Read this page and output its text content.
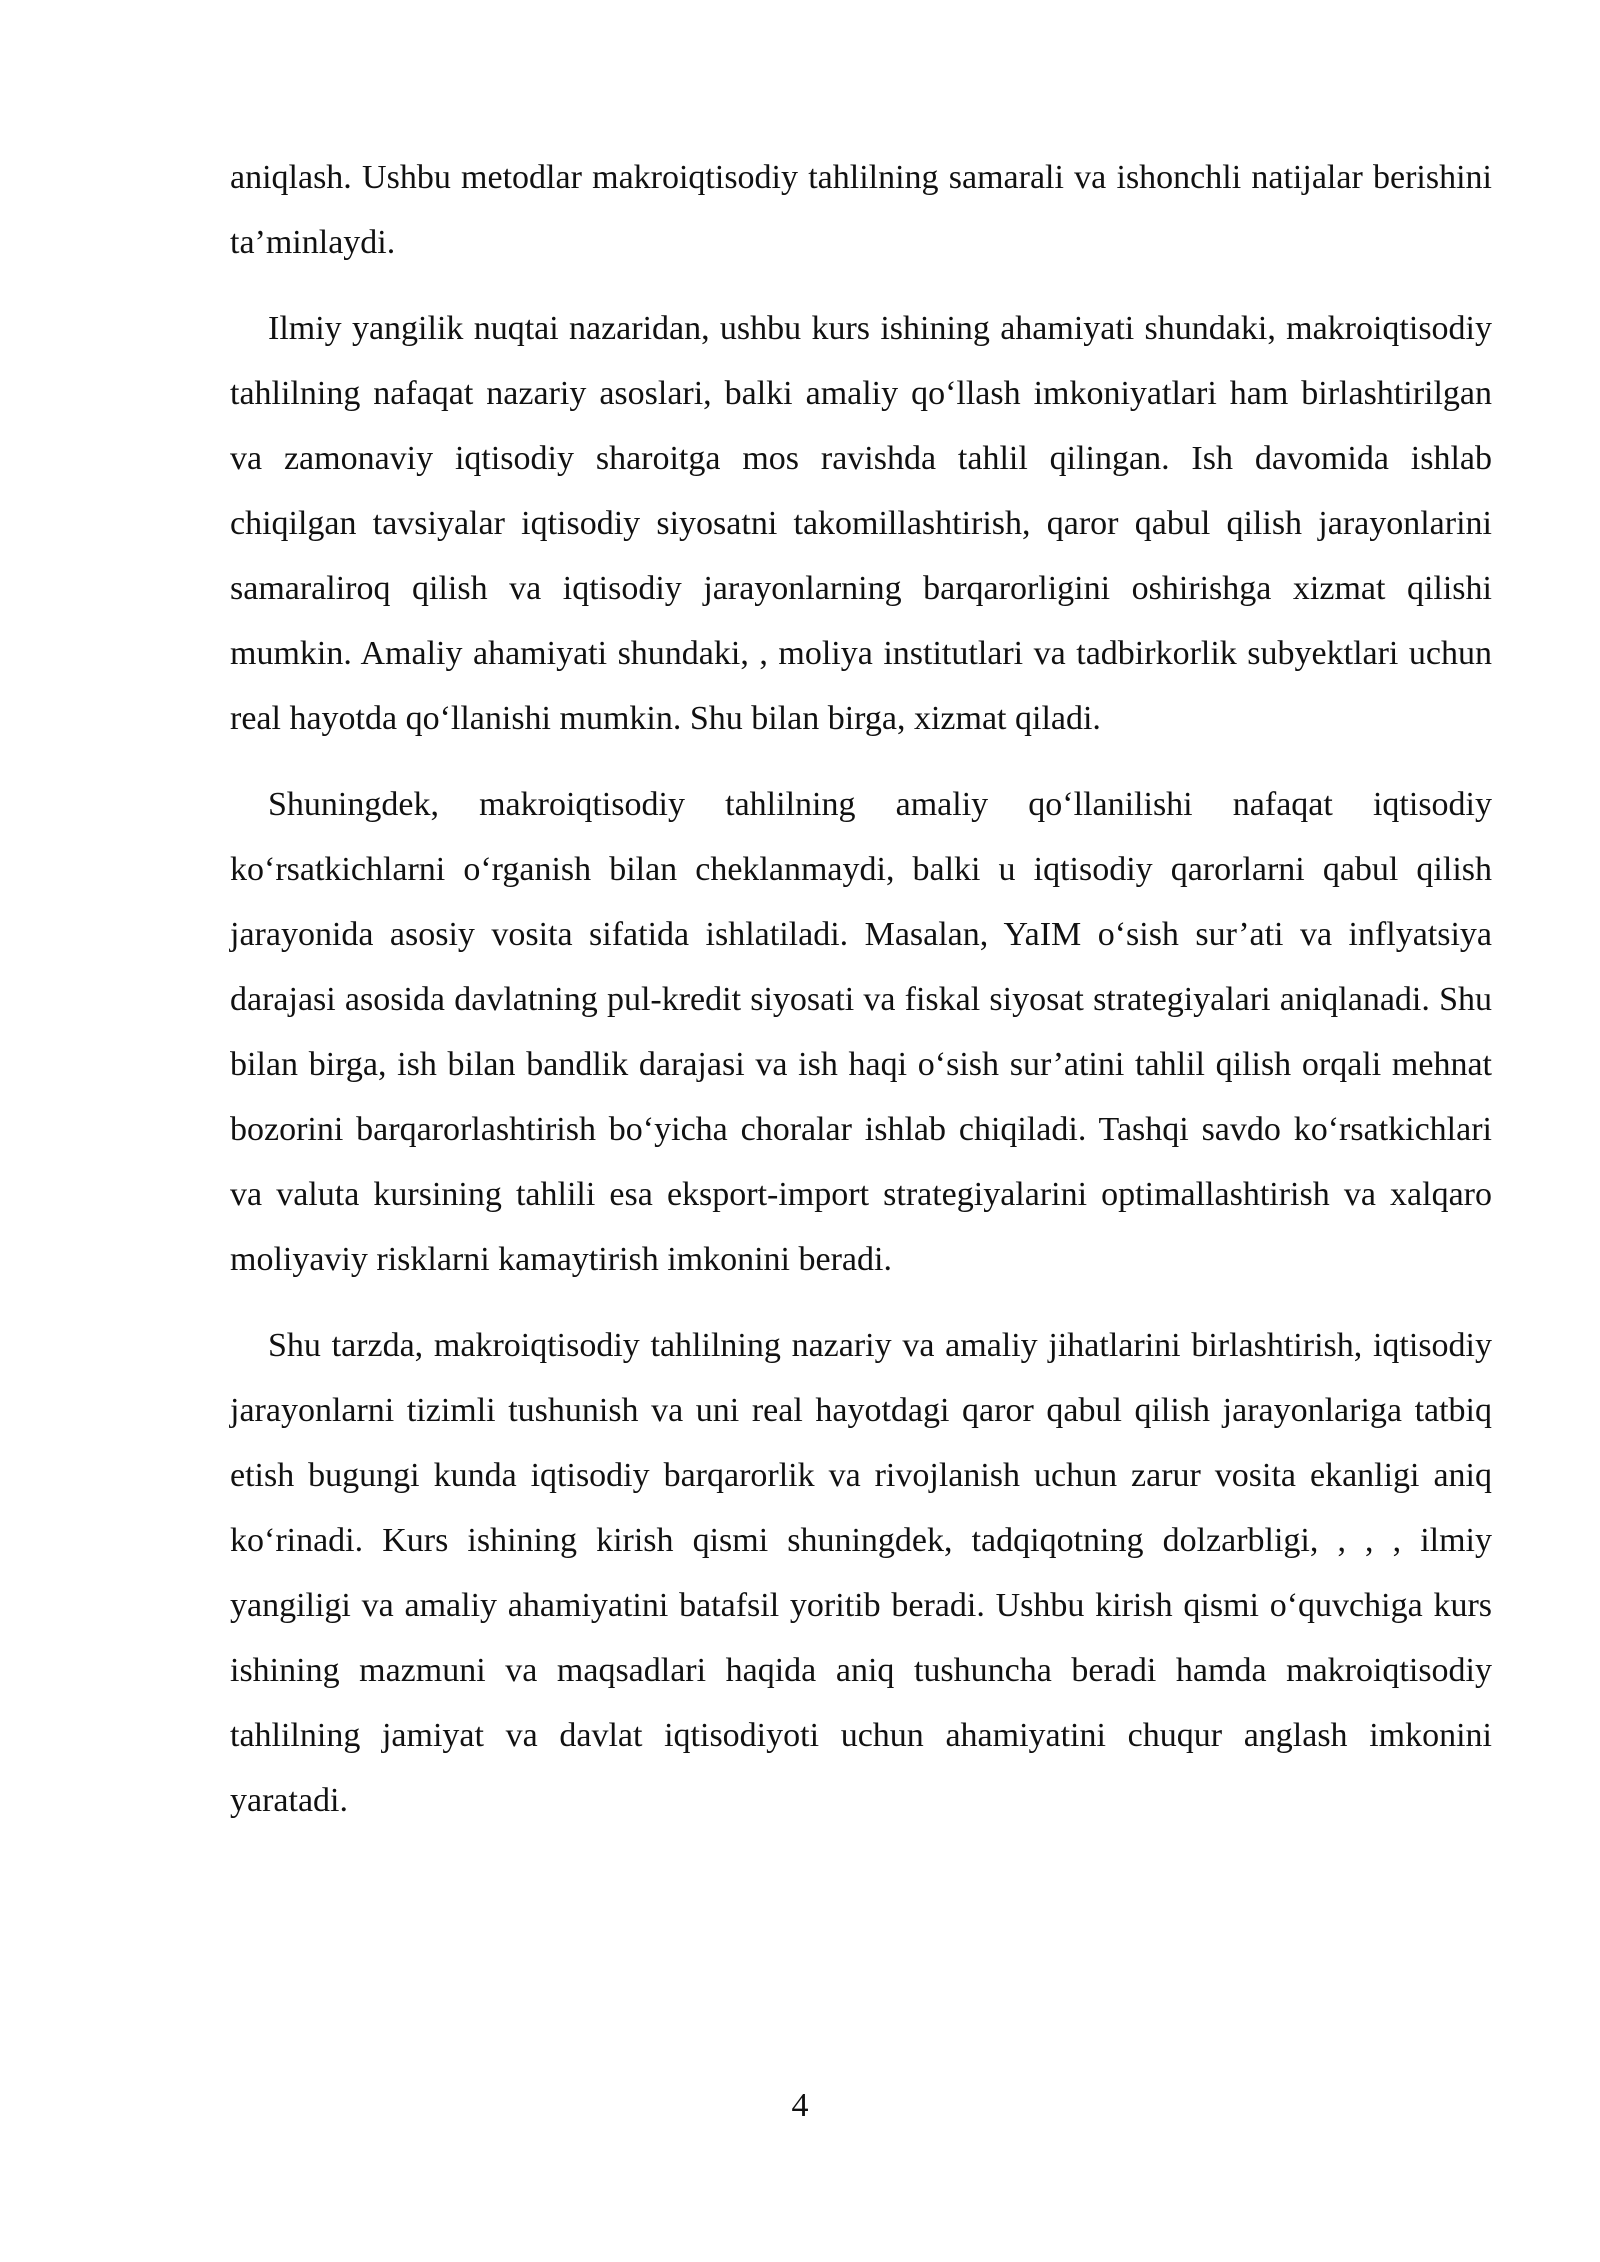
aniqlash. Ushbu metodlar makroiqtisodiy tahlilning samarali va ishonchli natijalar berishini ta’minlaydi.

Ilmiy yangilik nuqtai nazaridan, ushbu kurs ishining ahamiyati shundaki, makroiqtisodiy tahlilning nafaqat nazariy asoslari, balki amaliy qo‘llash imkoniyatlari ham birlashtirilgan va zamonaviy iqtisodiy sharoitga mos ravishda tahlil qilingan. Ish davomida ishlab chiqilgan tavsiyalar iqtisodiy siyosatni takomillashtirish, qaror qabul qilish jarayonlarini samaraliroq qilish va iqtisodiy jarayonlarning barqarorligini oshirishga xizmat qilishi mumkin. Amaliy ahamiyati shundaki, , moliya institutlari va tadbirkorlik subyektlari uchun real hayotda qo‘llanishi mumkin. Shu bilan birga, xizmat qiladi.

Shuningdek, makroiqtisodiy tahlilning amaliy qo‘llanilishi nafaqat iqtisodiy ko‘rsatkichlarni o‘rganish bilan cheklanmaydi, balki u iqtisodiy qarorlarni qabul qilish jarayonida asosiy vosita sifatida ishlatiladi. Masalan, YaIM o‘sish sur’ati va inflyatsiya darajasi asosida davlatning pul-kredit siyosati va fiskal siyosat strategiyalari aniqlanadi. Shu bilan birga, ish bilan bandlik darajasi va ish haqi o‘sish sur’atini tahlil qilish orqali mehnat bozorini barqarorlashtirish bo‘yicha choralar ishlab chiqiladi. Tashqi savdo ko‘rsatkichlari va valuta kursining tahlili esa eksport-import strategiyalarini optimallashtirish va xalqaro moliyaviy risklarni kamaytirish imkonini beradi.

Shu tarzda, makroiqtisodiy tahlilning nazariy va amaliy jihatlarini birlashtirish, iqtisodiy jarayonlarni tizimli tushunish va uni real hayotdagi qaror qabul qilish jarayonlariga tatbiq etish bugungi kunda iqtisodiy barqarorlik va rivojlanish uchun zarur vosita ekanligi aniq ko‘rinadi. Kurs ishining kirish qismi shuningdek, tadqiqotning dolzarbligi, , , , ilmiy yangiligi va amaliy ahamiyatini batafsil yoritib beradi. Ushbu kirish qismi o‘quvchiga kurs ishining mazmuni va maqsadlari haqida aniq tushuncha beradi hamda makroiqtisodiy tahlilning jamiyat va davlat iqtisodiyoti uchun ahamiyatini chuqur anglash imkonini yaratadi.

4
